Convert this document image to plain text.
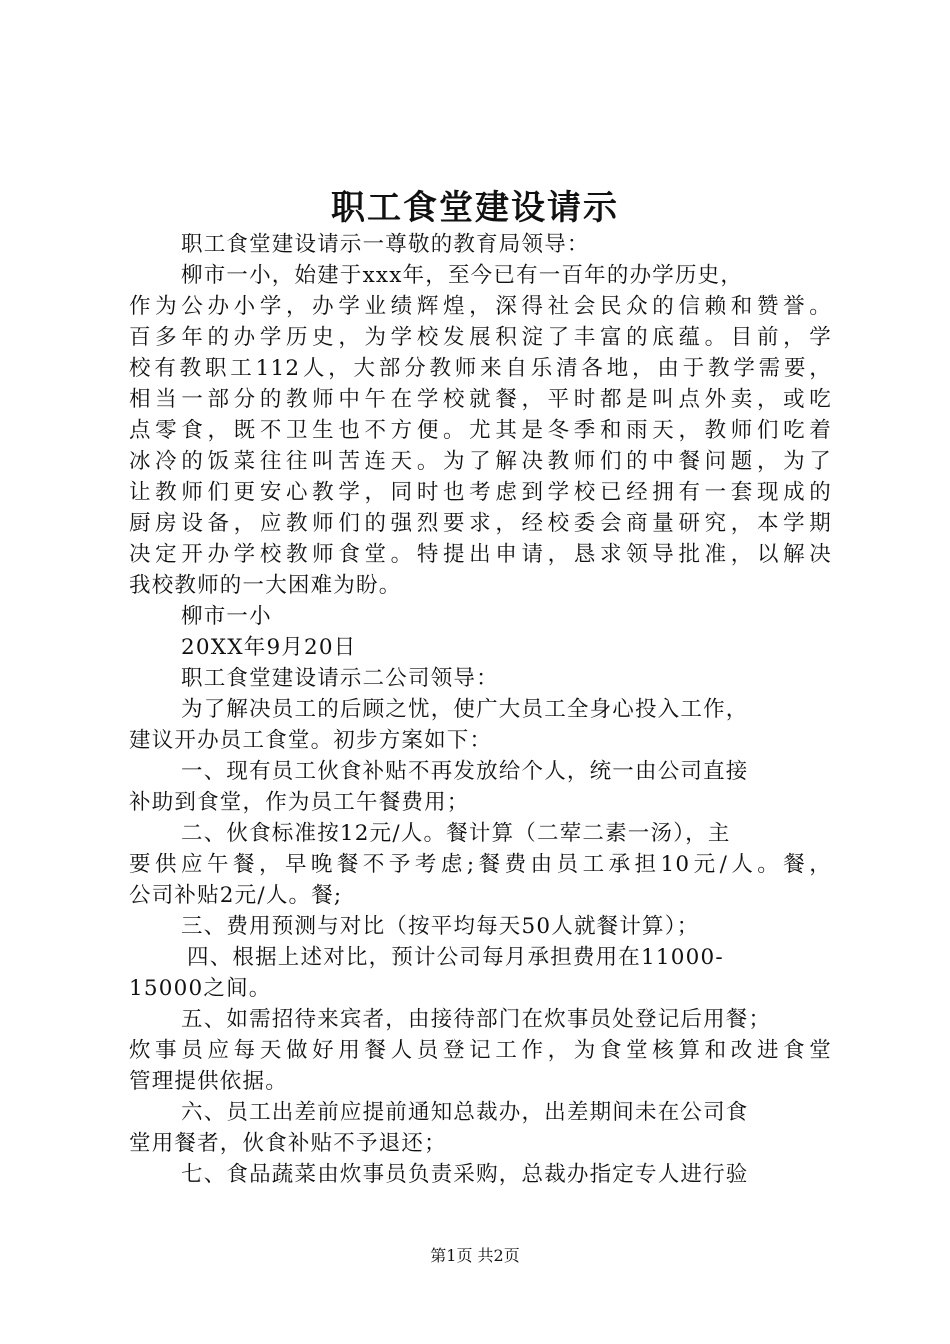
职工食堂建设请示
职工食堂建设请示一尊敬的教育局领导：
柳市一小，始建于xxx年，至今已有一百年的办学历史，
作为公办小学，办学业绩辉煌，深得社会民众的信赖和赞誉。
百多年的办学历史，为学校发展积淀了丰富的底蕴。目前，学
校有教职工112人，大部分教师来自乐清各地，由于教学需要，
相当一部分的教师中午在学校就餐，平时都是叫点外卖，或吃
点零食，既不卫生也不方便。尤其是冬季和雨天，教师们吃着
冰冷的饭菜往往叫苦连天。为了解决教师们的中餐问题，为了
让教师们更安心教学，同时也考虑到学校已经拥有一套现成的
厨房设备，应教师们的强烈要求，经校委会商量研究，本学期
决定开办学校教师食堂。特提出申请，恳求领导批准，以解决
我校教师的一大困难为盼。
柳市一小
20XX年9月20日
职工食堂建设请示二公司领导：
为了解决员工的后顾之忧，使广大员工全身心投入工作，
建议开办员工食堂。初步方案如下：
一、现有员工伙食补贴不再发放给个人，统一由公司直接
补助到食堂，作为员工午餐费用；
二、伙食标准按12元/人。餐计算（二荤二素一汤），主
要供应午餐，早晚餐不予考虑;餐费由员工承担10元/人。餐，
公司补贴2元/人。餐;
三、费用预测与对比（按平均每天50人就餐计算）；
四、根据上述对比，预计公司每月承担费用在11000-
15000之间。
五、如需招待来宾者，由接待部门在炊事员处登记后用餐；
炊事员应每天做好用餐人员登记工作，为食堂核算和改进食堂
管理提供依据。
六、员工出差前应提前通知总裁办，出差期间未在公司食
堂用餐者，伙食补贴不予退还；
七、食品蔬菜由炊事员负责采购，总裁办指定专人进行验
第1页 共2页
